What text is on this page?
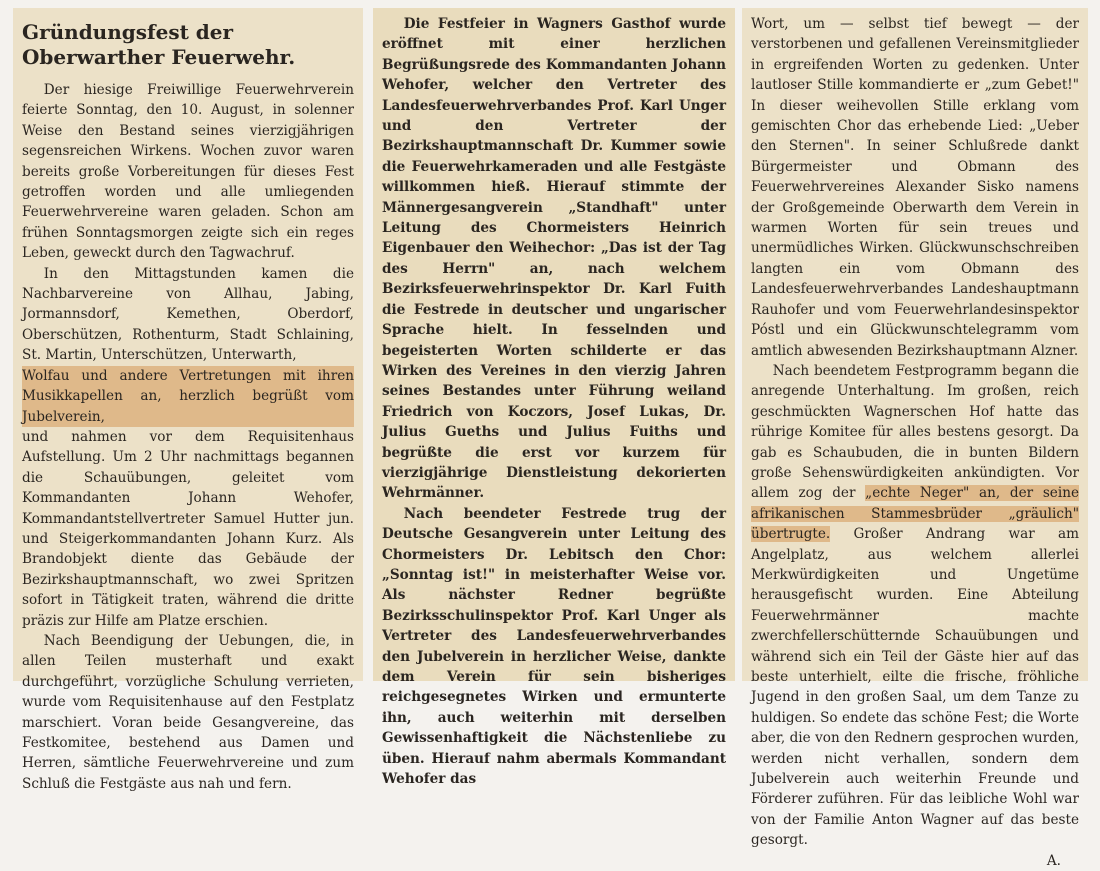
Gründungsfest der Oberwarther Feuerwehr.

Der hiesige Freiwillige Feuerwehrverein feierte Sonntag, den 10. August, in solenner Weise den Bestand seines vierzigjährigen segensreichen Wirkens. Wochen zuvor waren bereits große Vorbereitungen für dieses Fest getroffen worden und alle umliegenden Feuerwehrvereine waren geladen. Schon am frühen Sonntagsmorgen zeigte sich ein reges Leben, geweckt durch den Tagwachruf.

In den Mittagstunden kamen die Nachbarvereine von Allhau, Jabing, Jormannsdorf, Kemethen, Oberdorf, Oberschützen, Rothenturm, Stadt Schlaining, St. Martin, Unterschützen, Unterwarth,

Wolfau und andere Vertretungen mit ihren Musikkapellen an, herzlich begrüßt vom Jubelverein,

und nahmen vor dem Requisitenhaus Aufstellung. Um 2 Uhr nachmittags begannen die Schauübungen, geleitet vom Kommandanten Johann Wehofer, Kommandantstellvertreter Samuel Hutter jun. und Steigerkommandanten Johann Kurz. Als Brandobjekt diente das Gebäude der Bezirkshauptmannschaft, wo zwei Spritzen sofort in Tätigkeit traten, während die dritte präzis zur Hilfe am Platze erschien.

Nach Beendigung der Uebungen, die, in allen Teilen musterhaft und exakt durchgeführt, vorzügliche Schulung verrieten, wurde vom Requisitenhause auf den Festplatz marschiert. Voran beide Gesangvereine, das Festkomitee, bestehend aus Damen und Herren, sämtliche Feuerwehrvereine und zum Schluß die Festgäste aus nah und fern.

Die Festfeier in Wagners Gasthof wurde eröffnet mit einer herzlichen Begrüßungsrede des Kommandanten Johann Wehofer, welcher den Vertreter des Landesfeuerwehrverbandes Prof. Karl Unger und den Vertreter der Bezirkshauptmannschaft Dr. Kummer sowie die Feuerwehrkameraden und alle Festgäste willkommen hieß. Hierauf stimmte der Männergesangverein „Standhaft" unter Leitung des Chormeisters Heinrich Eigenbauer den Weihechor: „Das ist der Tag des Herrn" an, nach welchem Bezirksfeuerwehrinspektor Dr. Karl Fuith die Festrede in deutscher und ungarischer Sprache hielt. In fesselnden und begeisterten Worten schilderte er das Wirken des Vereines in den vierzig Jahren seines Bestandes unter Führung weiland Friedrich von Koczors, Josef Lukas, Dr. Julius Gueths und Julius Fuiths und begrüßte die erst vor kurzem für vierzigjährige Dienstleistung dekorierten Wehrmänner.

Nach beendeter Festrede trug der Deutsche Gesangverein unter Leitung des Chormeisters Dr. Lebitsch den Chor: „Sonntag ist!" in meisterhafter Weise vor. Als nächster Redner begrüßte Bezirksschulinspektor Prof. Karl Unger als Vertreter des Landesfeuerwehrverbandes den Jubelverein in herzlicher Weise, dankte dem Verein für sein bisheriges reichgesegnetes Wirken und ermunterte ihn, auch weiterhin mit derselben Gewissenhaftigkeit die Nächstenliebe zu üben. Hierauf nahm abermals Kommandant Wehofer das

Wort, um — selbst tief bewegt — der verstorbenen und gefallenen Vereinsmitglieder in ergreifenden Worten zu gedenken. Unter lautloser Stille kommandierte er „zum Gebet!" In dieser weihevollen Stille erklang vom gemischten Chor das erhebende Lied: „Ueber den Sternen". In seiner Schlußrede dankt Bürgermeister und Obmann des Feuerwehrvereines Alexander Sisko namens der Großgemeinde Oberwarth dem Verein in warmen Worten für sein treues und unermüdliches Wirken. Glückwunschschreiben langten ein vom Obmann des Landesfeuerwehrverbandes Landeshauptmann Rauhofer und vom Feuerwehrlandesinspektor Póstl und ein Glückwunschtelegramm vom amtlich abwesenden Bezirkshauptmann Alzner.

Nach beendetem Festprogramm begann die anregende Unterhaltung. Im großen, reich geschmückten Wagnerschen Hof hatte das rührige Komitee für alles bestens gesorgt. Da gab es Schaubuden, die in bunten Bildern große Sehenswürdigkeiten ankündigten. Vor allem zog der „echte Neger" an, der seine afrikanischen Stammesbrüder „gräulich" übertrugte. Großer Andrang war am Angelplatz, aus welchem allerlei Merkwürdigkeiten und Ungetüme herausgefischt wurden. Eine Abteilung Feuerwehrmänner machte zwerchfellerschütternde Schauübungen und während sich ein Teil der Gäste hier auf das beste unterhielt, eilte die frische, fröhliche Jugend in den großen Saal, um dem Tanze zu huldigen. So endete das schöne Fest; die Worte aber, die von den Rednern gesprochen wurden, werden nicht verhallen, sondern dem Jubelverein auch weiterhin Freunde und Förderer zuführen. Für das leibliche Wohl war von der Familie Anton Wagner auf das beste gesorgt.

A.
